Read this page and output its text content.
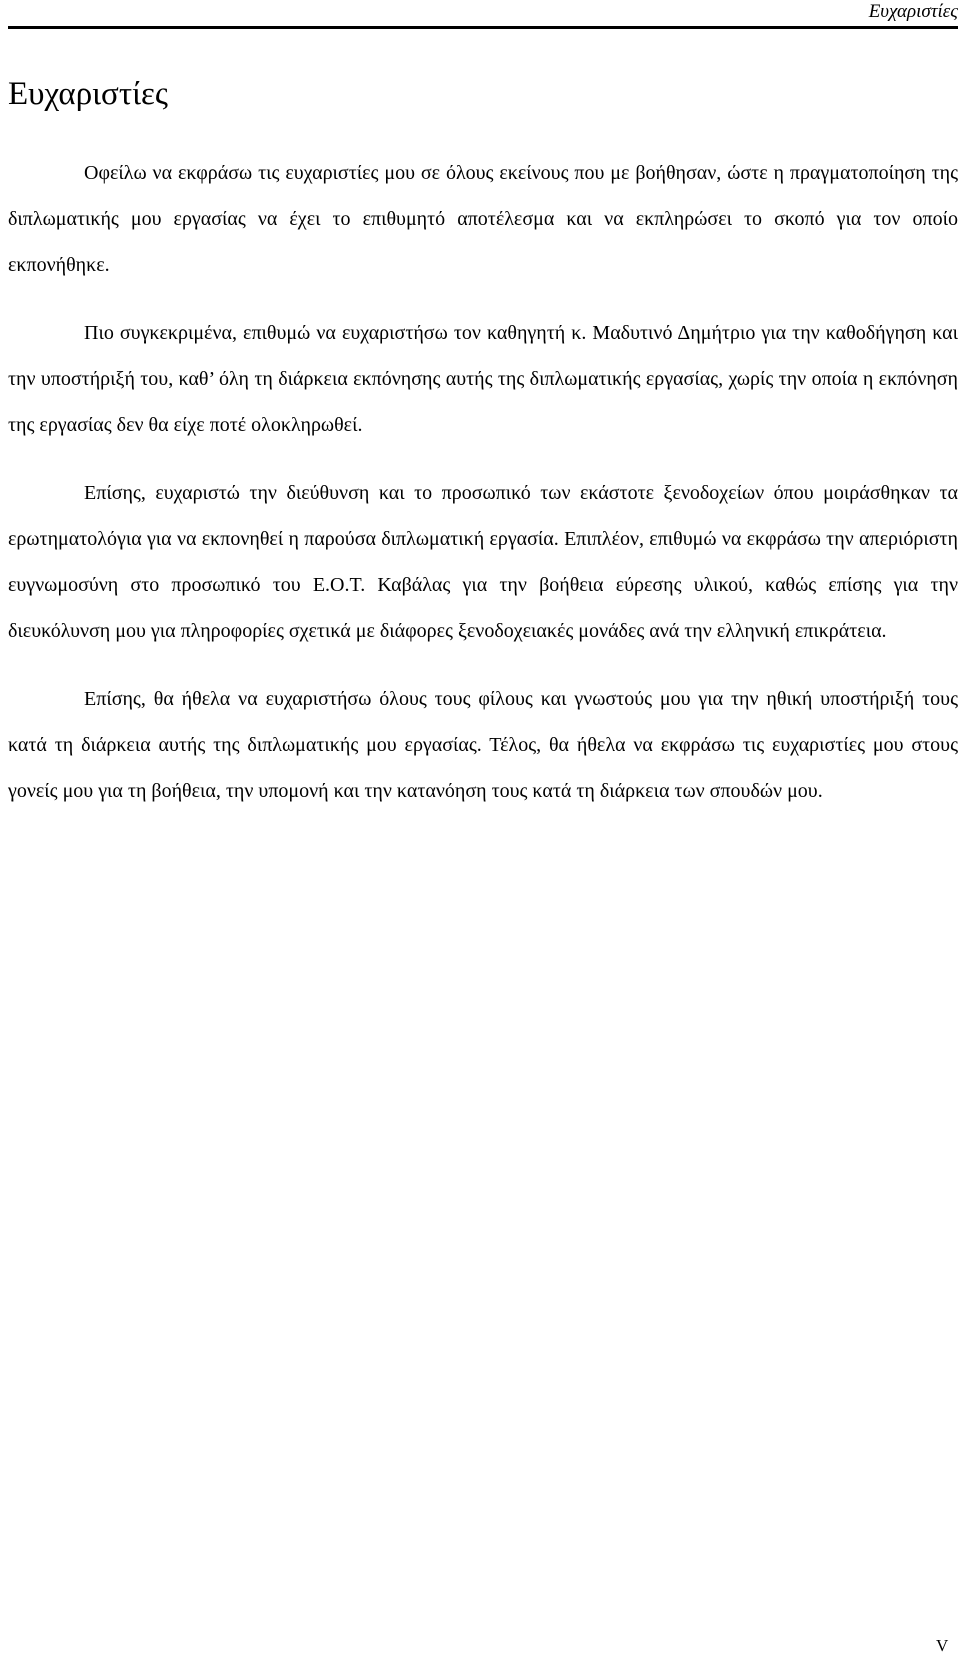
Ευχαριστίες
Ευχαριστίες

Οφείλω να εκφράσω τις ευχαριστίες μου σε όλους εκείνους που με βοήθησαν, ώστε η πραγματοποίηση της διπλωματικής μου εργασίας να έχει το επιθυμητό αποτέλεσμα και να εκπληρώσει το σκοπό για τον οποίο εκπονήθηκε.

Πιο συγκεκριμένα, επιθυμώ να ευχαριστήσω τον καθηγητή κ. Μαδυτινό Δημήτριο για την καθοδήγηση και την υποστήριξή του, καθ’ όλη τη διάρκεια εκπόνησης αυτής της διπλωματικής εργασίας, χωρίς την οποία η εκπόνηση της εργασίας δεν θα είχε ποτέ ολοκληρωθεί.

Επίσης, ευχαριστώ την διεύθυνση και το προσωπικό των εκάστοτε ξενοδοχείων όπου μοιράσθηκαν τα ερωτηματολόγια για να εκπονηθεί η παρούσα διπλωματική εργασία. Επιπλέον, επιθυμώ να εκφράσω την απεριόριστη ευγνωμοσύνη στο προσωπικό του Ε.Ο.Τ. Καβάλας για την βοήθεια εύρεσης υλικού, καθώς επίσης για την διευκόλυνση μου για πληροφορίες σχετικά με διάφορες ξενοδοχειακές μονάδες ανά την ελληνική επικράτεια.

Επίσης, θα ήθελα να ευχαριστήσω όλους τους φίλους και γνωστούς μου για την ηθική υποστήριξή τους κατά τη διάρκεια αυτής της διπλωματικής μου εργασίας. Τέλος, θα ήθελα να εκφράσω τις ευχαριστίες μου στους γονείς μου για τη βοήθεια, την υπομονή και την κατανόηση τους κατά τη διάρκεια των σπουδών μου.

V
